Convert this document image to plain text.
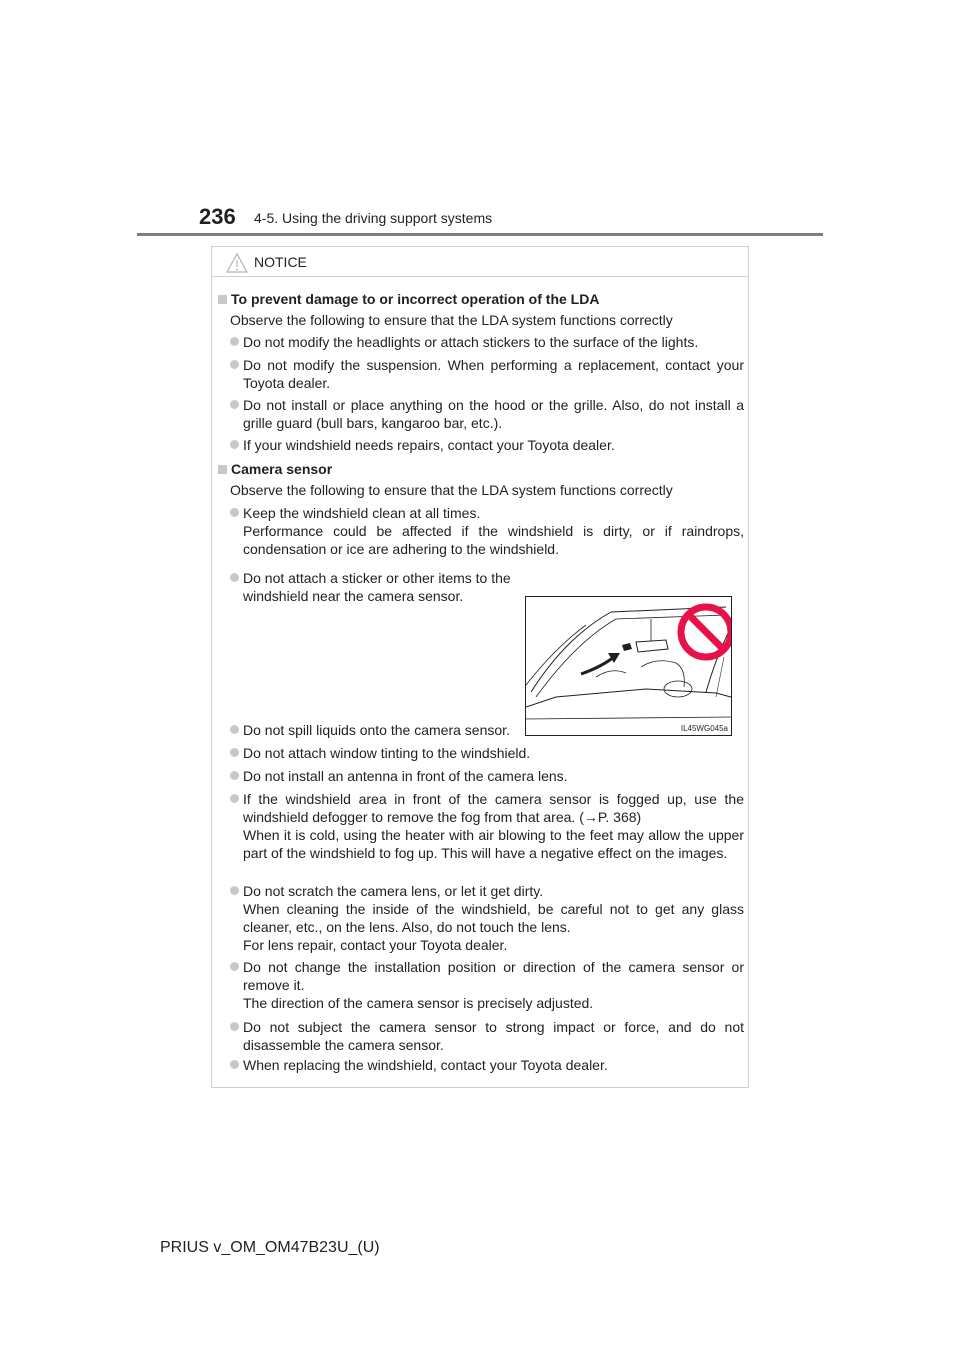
236 4-5. Using the driving support systems
NOTICE
To prevent damage to or incorrect operation of the LDA
Observe the following to ensure that the LDA system functions correctly
Do not modify the headlights or attach stickers to the surface of the lights.
Do not modify the suspension. When performing a replacement, contact your Toyota dealer.
Do not install or place anything on the hood or the grille. Also, do not install a grille guard (bull bars, kangaroo bar, etc.).
If your windshield needs repairs, contact your Toyota dealer.
Camera sensor
Observe the following to ensure that the LDA system functions correctly

Keep the windshield clean at all times.

Performance could be affected if the windshield is dirty, or if raindrops, condensation or ice are adhering to the windshield.

Do not attach a sticker or other items to the windshield near the camera sensor.
Do not spill liquids onto the camera sensor.
Do not attach window tinting to the windshield.
Do not install an antenna in front of the camera lens.

If the windshield area in front of the camera sensor is fogged up, use the windshield defogger to remove the fog from that area. (→P. 368)

When it is cold, using the heater with air blowing to the feet may allow the upper part of the windshield to fog up. This will have a negative effect on the images.

Do not scratch the camera lens, or let it get dirty.

When cleaning the inside of the windshield, be careful not to get any glass cleaner, etc., on the lens. Also, do not touch the lens.

For lens repair, contact your Toyota dealer.

Do not change the installation position or direction of the camera sensor or remove it.

The direction of the camera sensor is precisely adjusted.

Do not subject the camera sensor to strong impact or force, and do not disassemble the camera sensor.
When replacing the windshield, contact your Toyota dealer.
IL45WG045a
PRIUS v_OM_OM47B23U_(U)
